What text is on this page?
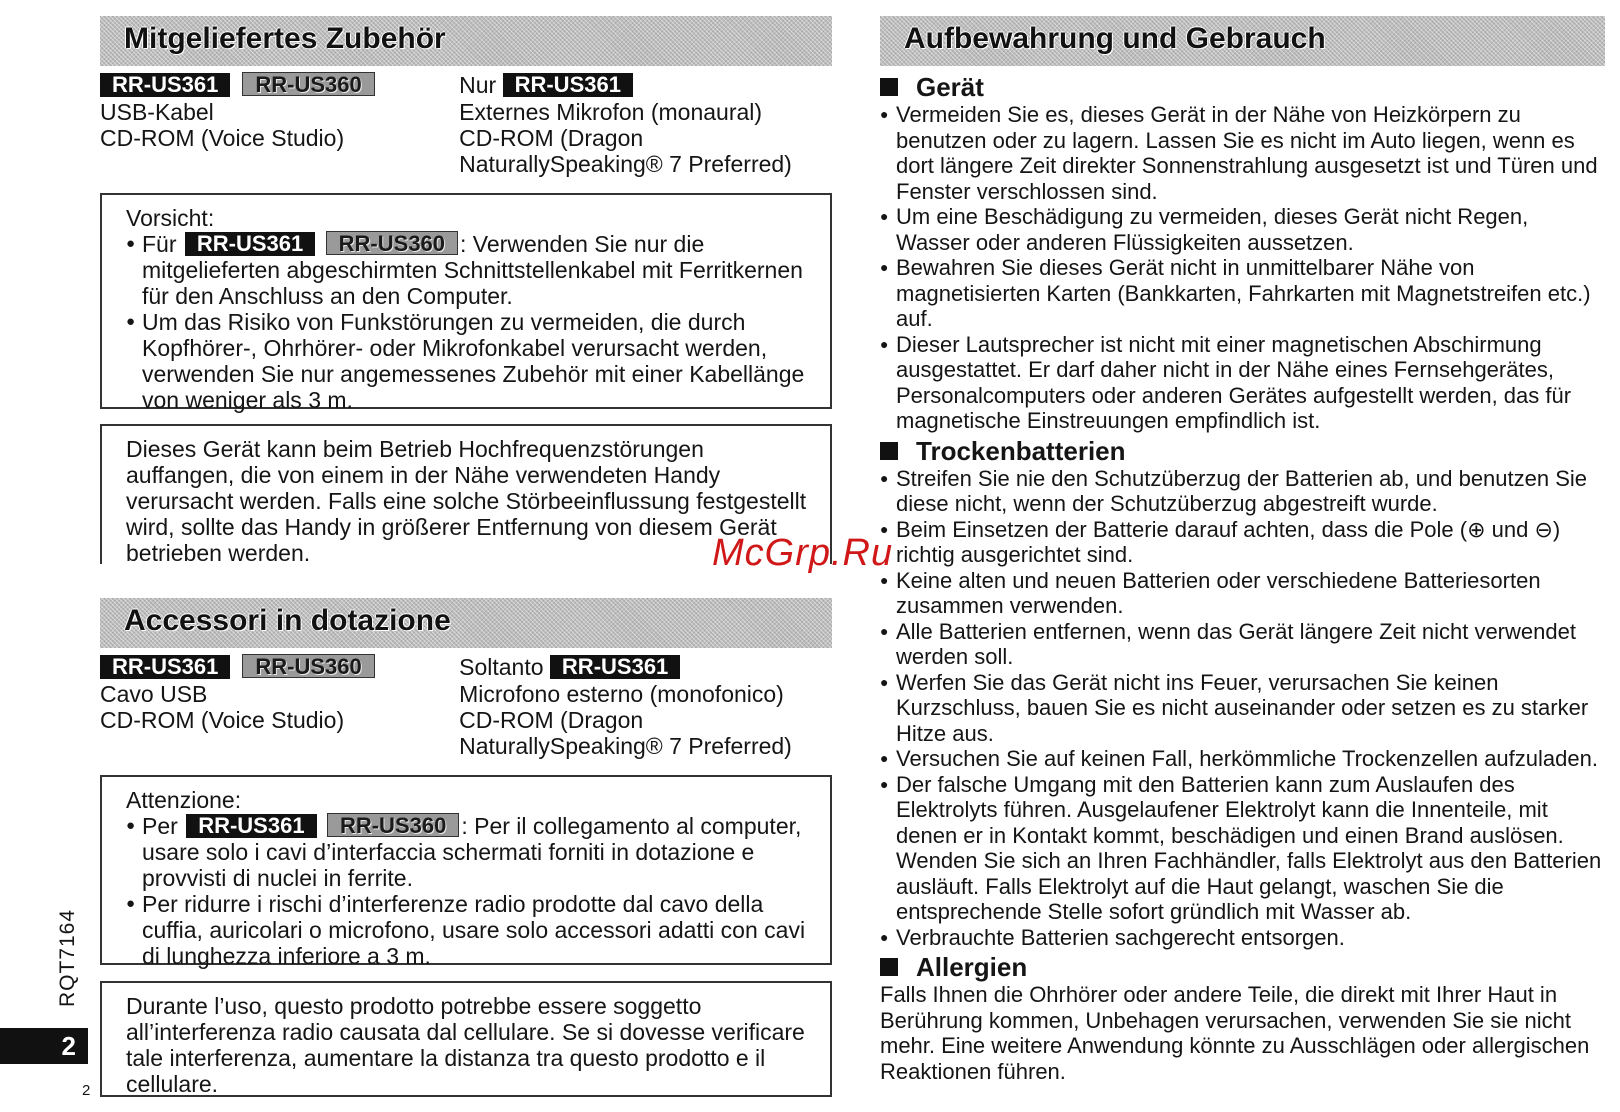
Mitgeliefertes Zubehör
RR-US361 RR-US360
USB-Kabel
CD-ROM (Voice Studio)
Nur RR-US361
Externes Mikrofon (monaural)
CD-ROM (Dragon
NaturallySpeaking® 7 Preferred)
Vorsicht:
● Für RR-US361 RR-US360 : Verwenden Sie nur die mitgelieferten abgeschirmten Schnittstellenkabel mit Ferritkernen für den Anschluss an den Computer.
● Um das Risiko von Funkstörungen zu vermeiden, die durch Kopfhörer-, Ohrhörer- oder Mikrofonkabel verursacht werden, verwenden Sie nur angemessenes Zubehör mit einer Kabellänge von weniger als 3 m.
Dieses Gerät kann beim Betrieb Hochfrequenzstörungen auffangen, die von einem in der Nähe verwendeten Handy verursacht werden. Falls eine solche Störbeeinflussung festgestellt wird, sollte das Handy in größerer Entfernung von diesem Gerät betrieben werden.
Accessori in dotazione
RR-US361 RR-US360
Cavo USB
CD-ROM (Voice Studio)
Soltanto RR-US361
Microfono esterno (monofonico)
CD-ROM (Dragon
NaturallySpeaking® 7 Preferred)
Attenzione:
● Per RR-US361 RR-US360 : Per il collegamento al computer, usare solo i cavi d’interfaccia schermati forniti in dotazione e provvisti di nuclei in ferrite.
● Per ridurre i rischi d’interferenze radio prodotte dal cavo della cuffia, auricolari o microfono, usare solo accessori adatti con cavi di lunghezza inferiore a 3 m.
Durante l’uso, questo prodotto potrebbe essere soggetto all’interferenza radio causata dal cellulare. Se si dovesse verificare tale interferenza, aumentare la distanza tra questo prodotto e il cellulare.
Aufbewahrung und Gebrauch
Gerät
● Vermeiden Sie es, dieses Gerät in der Nähe von Heizkörpern zu benutzen oder zu lagern. Lassen Sie es nicht im Auto liegen, wenn es dort längere Zeit direkter Sonnenstrahlung ausgesetzt ist und Türen und Fenster verschlossen sind.
● Um eine Beschädigung zu vermeiden, dieses Gerät nicht Regen, Wasser oder anderen Flüssigkeiten aussetzen.
● Bewahren Sie dieses Gerät nicht in unmittelbarer Nähe von magnetisierten Karten (Bankkarten, Fahrkarten mit Magnetstreifen etc.) auf.
● Dieser Lautsprecher ist nicht mit einer magnetischen Abschirmung ausgestattet. Er darf daher nicht in der Nähe eines Fernsehgerätes, Personalcomputers oder anderen Gerätes aufgestellt werden, das für magnetische Einstreuungen empfindlich ist.
Trockenbatterien
● Streifen Sie nie den Schutzüberzug der Batterien ab, und benutzen Sie diese nicht, wenn der Schutzüberzug abgestreift wurde.
● Beim Einsetzen der Batterie darauf achten, dass die Pole (⊕ und ⊖) richtig ausgerichtet sind.
● Keine alten und neuen Batterien oder verschiedene Batteriesorten zusammen verwenden.
● Alle Batterien entfernen, wenn das Gerät längere Zeit nicht verwendet werden soll.
● Werfen Sie das Gerät nicht ins Feuer, verursachen Sie keinen Kurzschluss, bauen Sie es nicht auseinander oder setzen es zu starker Hitze aus.
● Versuchen Sie auf keinen Fall, herkömmliche Trockenzellen aufzuladen.
● Der falsche Umgang mit den Batterien kann zum Auslaufen des Elektrolyts führen. Ausgelaufener Elektrolyt kann die Innenteile, mit denen er in Kontakt kommt, beschädigen und einen Brand auslösen. Wenden Sie sich an Ihren Fachhändler, falls Elektrolyt aus den Batterien ausläuft. Falls Elektrolyt auf die Haut gelangt, waschen Sie die entsprechende Stelle sofort gründlich mit Wasser ab.
● Verbrauchte Batterien sachgerecht entsorgen.
Allergien

Falls Ihnen die Ohrhörer oder andere Teile, die direkt mit Ihrer Haut in Berührung kommen, Unbehagen verursachen, verwenden Sie sie nicht mehr. Eine weitere Anwendung könnte zu Ausschlägen oder allergischen Reaktionen führen.

RQT7164
2
2
McGrp.Ru
